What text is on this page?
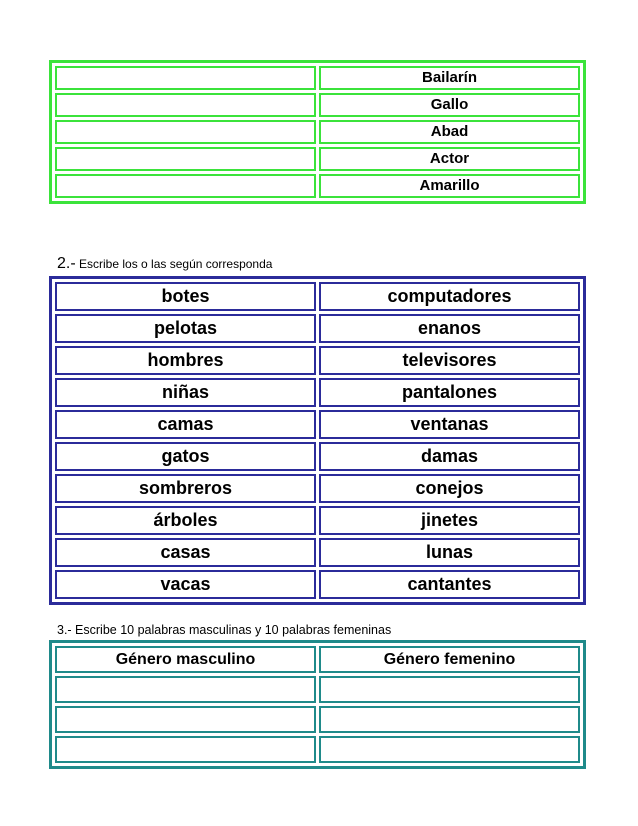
	Bailarín
	Gallo
	Abad
	Actor
	Amarillo
2.- Escribe los o las según corresponda
botes	computadores
pelotas	enanos
hombres	televisores
niñas	pantalones
camas	ventanas
gatos	damas
sombreros	conejos
árboles	jinetes
casas	lunas
vacas	cantantes
3.- Escribe 10 palabras masculinas y 10 palabras femeninas
Género masculino	Género femenino
